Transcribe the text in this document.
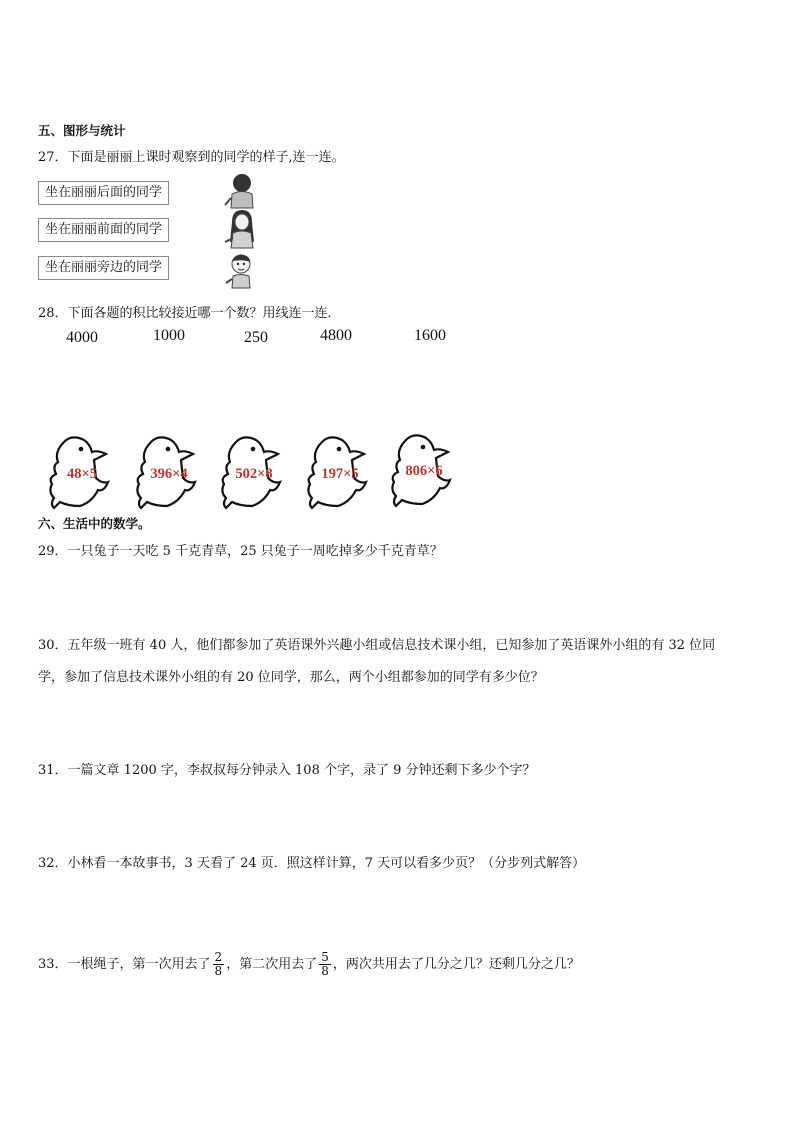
五、图形与统计
27．下面是丽丽上课时观察到的同学的样子,连一连。
坐在丽丽后面的同学
坐在丽丽前面的同学
坐在丽丽旁边的同学
28．下面各题的积比较接近哪一个数？用线连一连．
4000	1000	250	4800	1600
48×5	396×4	502×8	197×5	806×6
六、生活中的数学。
29．一只兔子一天吃 5 千克青草，25 只兔子一周吃掉多少千克青草？
30．五年级一班有 40 人，他们都参加了英语课外兴趣小组或信息技术课小组，已知参加了英语课外小组的有 32 位同
学，参加了信息技术课外小组的有 20 位同学，那么，两个小组都参加的同学有多少位？
31．一篇文章 1200 字，李叔叔每分钟录入 108 个字，录了 9 分钟还剩下多少个字？
32．小林看一本故事书，3 天看了 24 页．照这样计算，7 天可以看多少页？（分步列式解答）
33．一根绳子，第一次用去了 $\frac{2}{8}$ ，第二次用去了 $\frac{5}{8}$ ，两次共用去了几分之几？还剩几分之几？
